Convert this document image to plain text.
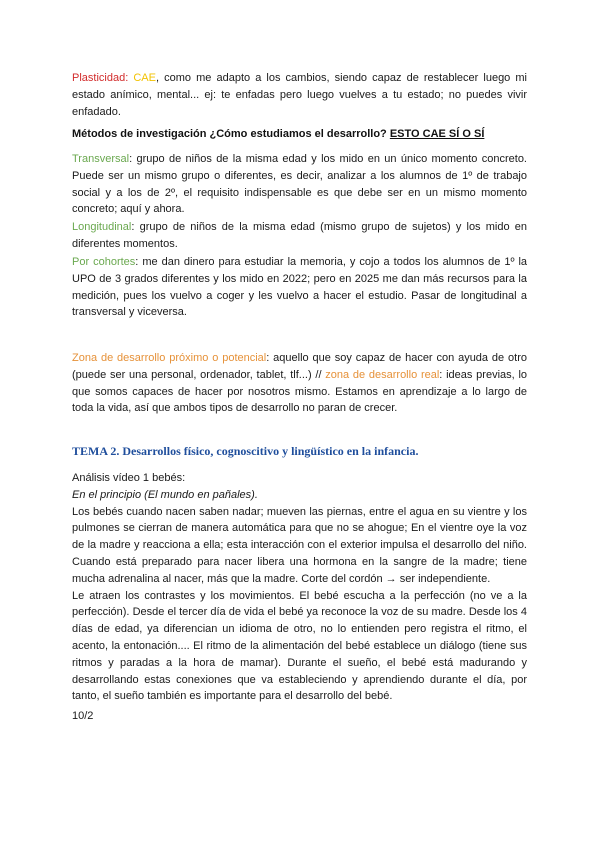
Plasticidad: CAE, como me adapto a los cambios, siendo capaz de restablecer luego mi estado anímico, mental... ej: te enfadas pero luego vuelves a tu estado; no puedes vivir enfadado.

Métodos de investigación ¿Cómo estudiamos el desarrollo? ESTO CAE SÍ O SÍ

Transversal: grupo de niños de la misma edad y los mido en un único momento concreto. Puede ser un mismo grupo o diferentes, es decir, analizar a los alumnos de 1º de trabajo social y a los de 2º, el requisito indispensable es que debe ser en un mismo momento concreto; aquí y ahora.

Longitudinal: grupo de niños de la misma edad (mismo grupo de sujetos) y los mido en diferentes momentos.

Por cohortes: me dan dinero para estudiar la memoria, y cojo a todos los alumnos de 1º la UPO de 3 grados diferentes y los mido en 2022; pero en 2025 me dan más recursos para la medición, pues los vuelvo a coger y les vuelvo a hacer el estudio. Pasar de longitudinal a transversal y viceversa.

Zona de desarrollo próximo o potencial: aquello que soy capaz de hacer con ayuda de otro (puede ser una personal, ordenador, tablet, tlf...) // zona de desarrollo real: ideas previas, lo que somos capaces de hacer por nosotros mismo. Estamos en aprendizaje a lo largo de toda la vida, así que ambos tipos de desarrollo no paran de crecer.

TEMA 2. Desarrollos físico, cognoscitivo y lingüístico en la infancia.

Análisis vídeo 1 bebés:
En el principio (El mundo en pañales).
Los bebés cuando nacen saben nadar; mueven las piernas, entre el agua en su vientre y los pulmones se cierran de manera automática para que no se ahogue; En el vientre oye la voz de la madre y reacciona a ella; esta interacción con el exterior impulsa el desarrollo del niño. Cuando está preparado para nacer libera una hormona en la sangre de la madre; tiene mucha adrenalina al nacer, más que la madre. Corte del cordón → ser independiente.
Le atraen los contrastes y los movimientos. El bebé escucha a la perfección (no ve a la perfección). Desde el tercer día de vida el bebé ya reconoce la voz de su madre. Desde los 4 días de edad, ya diferencian un idioma de otro, no lo entienden pero registra el ritmo, el acento, la entonación.... El ritmo de la alimentación del bebé establece un diálogo (tiene sus ritmos y paradas a la hora de mamar). Durante el sueño, el bebé está madurando y desarrollando estas conexiones que va estableciendo y aprendiendo durante el día, por tanto, el sueño también es importante para el desarrollo del bebé.

10/2
